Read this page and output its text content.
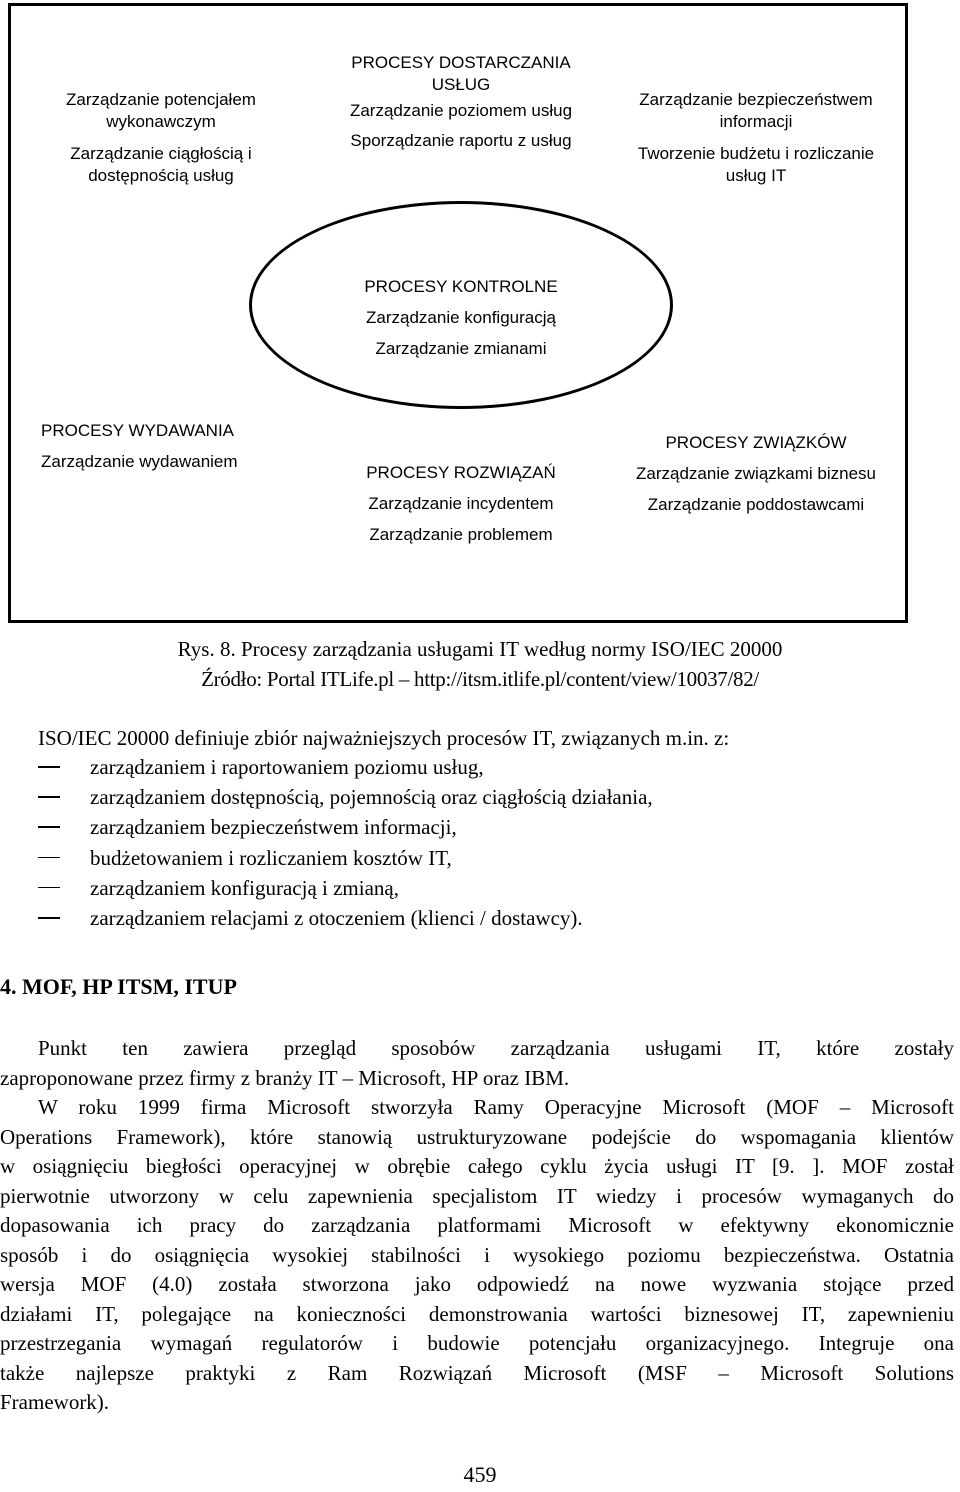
Zarządzanie potencjałem
wykonawczym
Zarządzanie ciągłością i
dostępnością usług
PROCESY DOSTARCZANIA
USŁUG
Zarządzanie poziomem usług
Sporządzanie raportu z usług
Zarządzanie bezpieczeństwem
informacji
Tworzenie budżetu i rozliczanie
usług IT
PROCESY KONTROLNE
Zarządzanie konfiguracją
Zarządzanie zmianami
PROCESY WYDAWANIA
Zarządzanie wydawaniem
PROCESY ROZWIĄZAŃ
Zarządzanie incydentem
Zarządzanie problemem
PROCESY ZWIĄZKÓW
Zarządzanie związkami biznesu
Zarządzanie poddostawcami
Rys. 8. Procesy zarządzania usługami IT według normy ISO/IEC 20000
Źródło: Portal ITLife.pl – http://itsm.itlife.pl/content/view/10037/82/
ISO/IEC 20000 definiuje zbiór najważniejszych procesów IT, związanych m.in. z:
zarządzaniem i raportowaniem poziomu usług,
zarządzaniem dostępnością, pojemnością oraz ciągłością działania,
zarządzaniem bezpieczeństwem informacji,
budżetowaniem i rozliczaniem kosztów IT,
zarządzaniem konfiguracją i zmianą,
zarządzaniem relacjami z otoczeniem (klienci / dostawcy).
4. MOF, HP ITSM, ITUP
Punkt ten zawiera przegląd sposobów zarządzania usługami IT, które zostały
zaproponowane przez firmy z branży IT – Microsoft, HP oraz IBM.
W roku 1999 firma Microsoft stworzyła Ramy Operacyjne Microsoft (MOF – Microsoft
Operations Framework), które stanowią ustrukturyzowane podejście do wspomagania klientów
w osiągnięciu biegłości operacyjnej w obrębie całego cyklu życia usługi IT [9. ]. MOF został
pierwotnie utworzony w celu zapewnienia specjalistom IT wiedzy i procesów wymaganych do
dopasowania ich pracy do zarządzania platformami Microsoft w efektywny ekonomicznie
sposób i do osiągnięcia wysokiej stabilności i wysokiego poziomu bezpieczeństwa. Ostatnia
wersja MOF (4.0) została stworzona jako odpowiedź na nowe wyzwania stojące przed
działami IT, polegające na konieczności demonstrowania wartości biznesowej IT, zapewnieniu
przestrzegania wymagań regulatorów i budowie potencjału organizacyjnego. Integruje ona
także najlepsze praktyki z Ram Rozwiązań Microsoft (MSF – Microsoft Solutions
Framework).
459
